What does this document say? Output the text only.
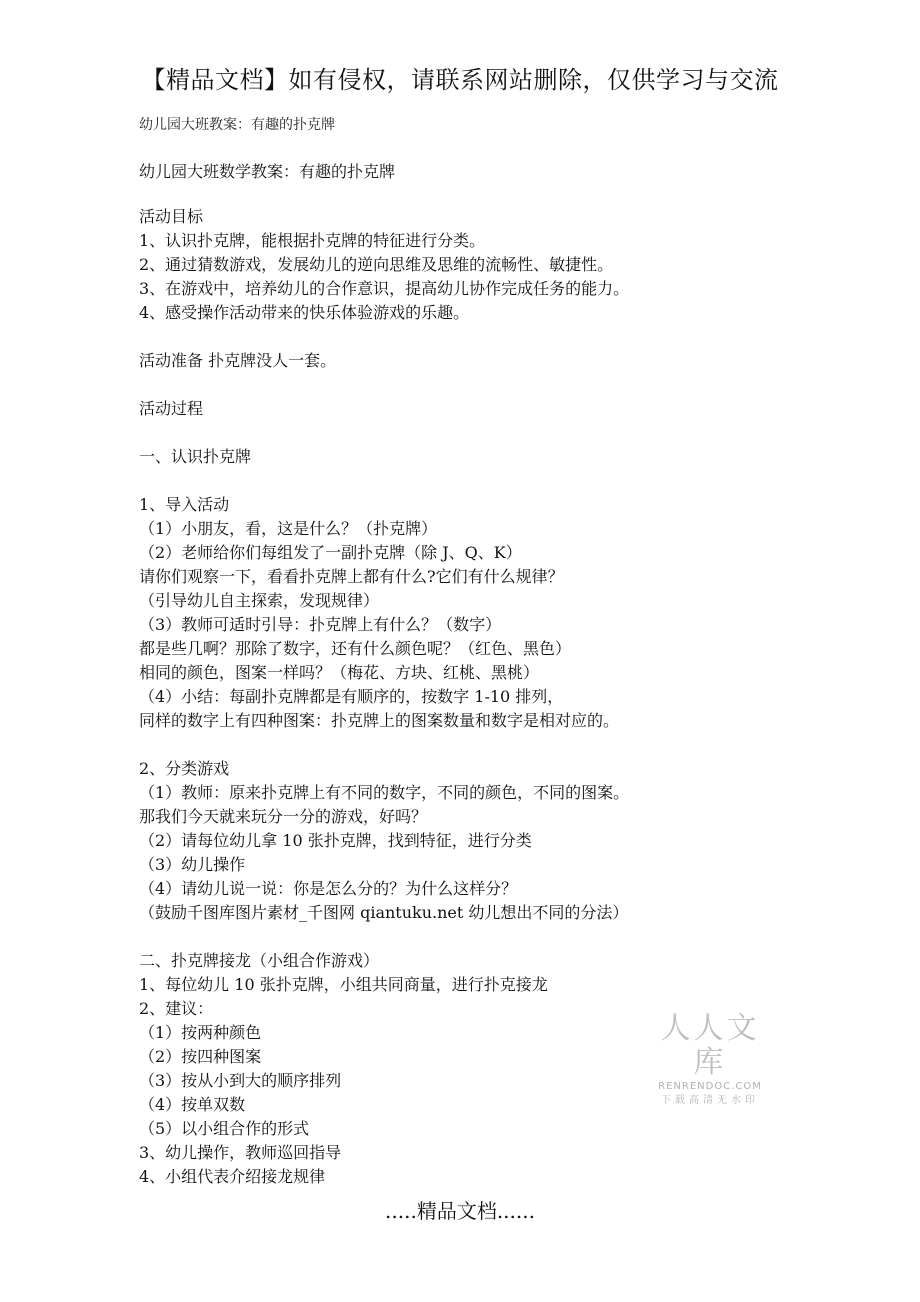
【精品文档】如有侵权，请联系网站删除，仅供学习与交流
幼儿园大班教案：有趣的扑克牌
幼儿园大班数学教案：有趣的扑克牌
活动目标
1、认识扑克牌，能根据扑克牌的特征进行分类。
2、通过猜数游戏，发展幼儿的逆向思维及思维的流畅性、敏捷性。
3、在游戏中，培养幼儿的合作意识，提高幼儿协作完成任务的能力。
4、感受操作活动带来的快乐体验游戏的乐趣。
活动准备 扑克牌没人一套。
活动过程
一、认识扑克牌
1、导入活动
（1）小朋友，看，这是什么？（扑克牌）
（2）老师给你们每组发了一副扑克牌（除 J、Q、K）
请你们观察一下，看看扑克牌上都有什么?它们有什么规律？
（引导幼儿自主探索，发现规律）
（3）教师可适时引导：扑克牌上有什么？（数字）
都是些几啊？那除了数字，还有什么颜色呢？（红色、黑色）
相同的颜色，图案一样吗？（梅花、方块、红桃、黑桃）
（4）小结：每副扑克牌都是有顺序的，按数字 1-10 排列，
同样的数字上有四种图案：扑克牌上的图案数量和数字是相对应的。
2、分类游戏
（1）教师：原来扑克牌上有不同的数字，不同的颜色，不同的图案。
那我们今天就来玩分一分的游戏，好吗？
（2）请每位幼儿拿 10 张扑克牌，找到特征，进行分类
（3）幼儿操作
（4）请幼儿说一说：你是怎么分的？为什么这样分？
（鼓励千图库图片素材_千图网 qiantuku.net 幼儿想出不同的分法）
二、扑克牌接龙（小组合作游戏）
1、每位幼儿 10 张扑克牌，小组共同商量，进行扑克接龙
2、建议：
（1）按两种颜色
（2）按四种图案
（3）按从小到大的顺序排列
（4）按单双数
（5）以小组合作的形式
3、幼儿操作，教师巡回指导
4、小组代表介绍接龙规律
人人文库
RENRENDOC.COM
下载高清无水印
.....精品文档......
